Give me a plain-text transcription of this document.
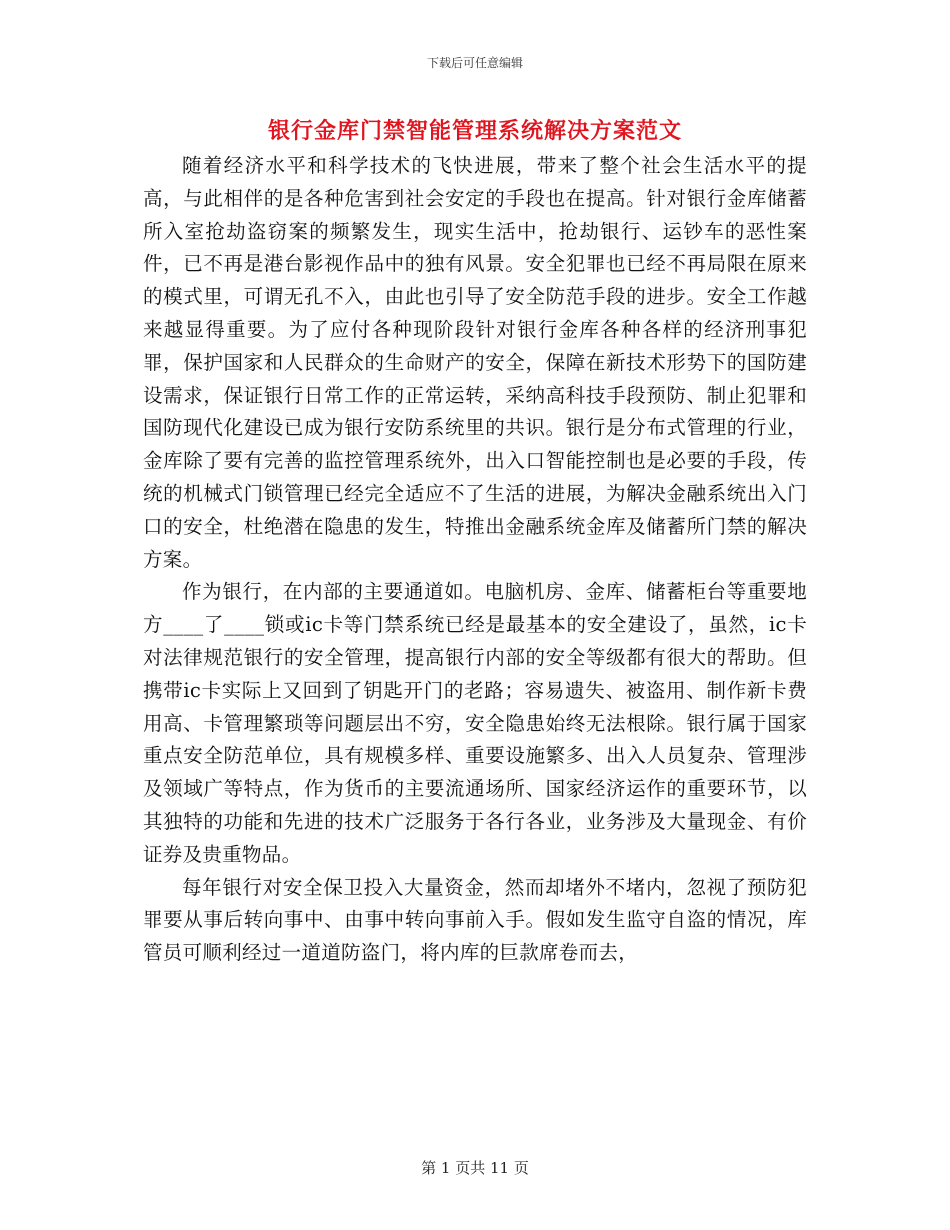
下载后可任意编辑
银行金库门禁智能管理系统解决方案范文

随着经济水平和科学技术的飞快进展，带来了整个社会生活水平的提高，与此相伴的是各种危害到社会安定的手段也在提高。针对银行金库储蓄所入室抢劫盗窃案的频繁发生，现实生活中，抢劫银行、运钞车的恶性案件，已不再是港台影视作品中的独有风景。安全犯罪也已经不再局限在原来的模式里，可谓无孔不入，由此也引导了安全防范手段的进步。安全工作越来越显得重要。为了应付各种现阶段针对银行金库各种各样的经济刑事犯罪，保护国家和人民群众的生命财产的安全，保障在新技术形势下的国防建设需求，保证银行日常工作的正常运转，采纳高科技手段预防、制止犯罪和国防现代化建设已成为银行安防系统里的共识。银行是分布式管理的行业，金库除了要有完善的监控管理系统外，出入口智能控制也是必要的手段，传统的机械式门锁管理已经完全适应不了生活的进展，为解决金融系统出入门口的安全，杜绝潜在隐患的发生，特推出金融系统金库及储蓄所门禁的解决方案。

作为银行，在内部的主要通道如。电脑机房、金库、储蓄柜台等重要地方____了____锁或ic卡等门禁系统已经是最基本的安全建设了，虽然，ic卡对法律规范银行的安全管理，提高银行内部的安全等级都有很大的帮助。但携带ic卡实际上又回到了钥匙开门的老路；容易遗失、被盗用、制作新卡费用高、卡管理繁琐等问题层出不穷，安全隐患始终无法根除。银行属于国家重点安全防范单位，具有规模多样、重要设施繁多、出入人员复杂、管理涉及领域广等特点，作为货币的主要流通场所、国家经济运作的重要环节，以其独特的功能和先进的技术广泛服务于各行各业，业务涉及大量现金、有价证券及贵重物品。

每年银行对安全保卫投入大量资金，然而却堵外不堵内，忽视了预防犯罪要从事后转向事中、由事中转向事前入手。假如发生监守自盗的情况，库管员可顺利经过一道道防盗门，将内库的巨款席卷而去，

第 1 页共 11 页
